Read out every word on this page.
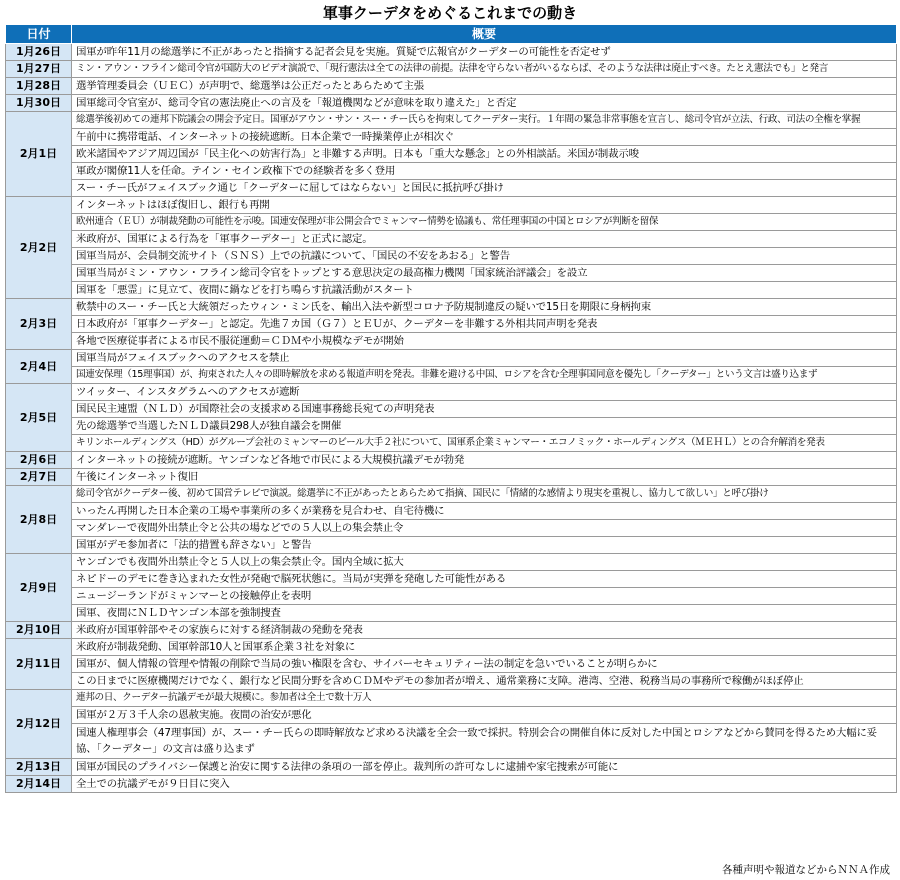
軍事クーデタをめぐるこれまでの動き
日付	概要
1月26日	国軍が昨年11月の総選挙に不正があったと指摘する記者会見を実施。質疑で広報官がクーデターの可能性を否定せず
1月27日	ミン・アウン・フライン総司令官が国防大のビデオ演説で、「現行憲法は全ての法律の前提。法律を守らない者がいるならば、そのような法律は廃止すべき。たとえ憲法でも」と発言
1月28日	選挙管理委員会（ＵＥＣ）が声明で、総選挙は公正だったとあらためて主張
1月30日	国軍総司令官室が、総司令官の憲法廃止への言及を「報道機関などが意味を取り違えた」と否定
2月1日	総選挙後初めての連邦下院議会の開会予定日。国軍がアウン・サン・スー・チー氏らを拘束してクーデター実行。１年間の緊急非常事態を宣言し、総司令官が立法、行政、司法の全権を掌握
	午前中に携帯電話、インターネットの接続遮断。日本企業で一時操業停止が相次ぐ
	欧米諸国やアジア周辺国が「民主化への妨害行為」と非難する声明。日本も「重大な懸念」との外相談話。米国が制裁示唆
	軍政が閣僚11人を任命。テイン・セイン政権下での経験者を多く登用
	スー・チー氏がフェイスブック通じ「クーデターに屈してはならない」と国民に抵抗呼び掛け
2月2日	インターネットはほぼ復旧し、銀行も再開
	欧州連合（ＥＵ）が制裁発動の可能性を示唆。国連安保理が非公開会合でミャンマー情勢を協議も、常任理事国の中国とロシアが判断を留保
	米政府が、国軍による行為を「軍事クーデター」と正式に認定。
	国軍当局が、会員制交流サイト（ＳＮＳ）上での抗議について、「国民の不安をあおる」と警告
	国軍当局がミン・アウン・フライン総司令官をトップとする意思決定の最高権力機関「国家統治評議会」を設立
	国軍を「悪霊」に見立て、夜間に鍋などを打ち鳴らす抗議活動がスタート
2月3日	軟禁中のスー・チー氏と大統領だったウィン・ミン氏を、輸出入法や新型コロナ予防規制違反の疑いで15日を期限に身柄拘束
	日本政府が「軍事クーデター」と認定。先進７カ国（Ｇ７）とＥＵが、クーデターを非難する外相共同声明を発表
	各地で医療従事者による市民不服従運動＝ＣＤＭや小規模なデモが開始
2月4日	国軍当局がフェイスブックへのアクセスを禁止
	国連安保理（15理事国）が、拘束された人々の即時解放を求める報道声明を発表。非難を避ける中国、ロシアを含む全理事国同意を優先し「クーデター」という文言は盛り込まず
2月5日	ツイッター、インスタグラムへのアクセスが遮断
	国民民主連盟（ＮＬＤ）が国際社会の支援求める国連事務総長宛ての声明発表
	先の総選挙で当選したＮＬＤ議員298人が独自議会を開催
	キリンホールディングス（HD）がグループ会社のミャンマーのビール大手２社について、国軍系企業ミャンマー・エコノミック・ホールディングス（ＭＥＨＬ）との合弁解消を発表
2月6日	インターネットの接続が遮断。ヤンゴンなど各地で市民による大規模抗議デモが勃発
2月7日	午後にインターネット復旧
2月8日	総司令官がクーデター後、初めて国営テレビで演説。総選挙に不正があったとあらためて指摘、国民に「情緒的な感情より現実を重視し、協力して欲しい」と呼び掛け
	いったん再開した日本企業の工場や事業所の多くが業務を見合わせ、自宅待機に
	マンダレーで夜間外出禁止令と公共の場などでの５人以上の集会禁止令
	国軍がデモ参加者に「法的措置も辞さない」と警告
2月9日	ヤンゴンでも夜間外出禁止令と５人以上の集会禁止令。国内全域に拡大
	ネピドーのデモに巻き込まれた女性が発砲で脳死状態に。当局が実弾を発砲した可能性がある
	ニュージーランドがミャンマーとの接触停止を表明
	国軍、夜間にＮＬＤヤンゴン本部を強制捜査
2月10日	米政府が国軍幹部やその家族らに対する経済制裁の発動を発表
2月11日	米政府が制裁発動、国軍幹部10人と国軍系企業３社を対象に
	国軍が、個人情報の管理や情報の削除で当局の強い権限を含む、サイバーセキュリティー法の制定を急いでいることが明らかに
	この日までに医療機関だけでなく、銀行など民間分野を含めＣＤＭやデモの参加者が増え、通常業務に支障。港湾、空港、税務当局の事務所で稼働がほぼ停止
2月12日	連邦の日、クーデター抗議デモが最大規模に。参加者は全土で数十万人
	国軍が２万３千人余の恩赦実施。夜間の治安が悪化
	国連人権理事会（47理事国）が、スー・チー氏らの即時解放など求める決議を全会一致で採択。特別会合の開催自体に反対した中国とロシアなどから賛同を得るため大幅に妥協、「クーデター」の文言は盛り込まず
2月13日	国軍が国民のプライバシー保護と治安に関する法律の条項の一部を停止。裁判所の許可なしに逮捕や家宅捜索が可能に
2月14日	全土での抗議デモが９日目に突入
各種声明や報道などからＮＮＡ作成
